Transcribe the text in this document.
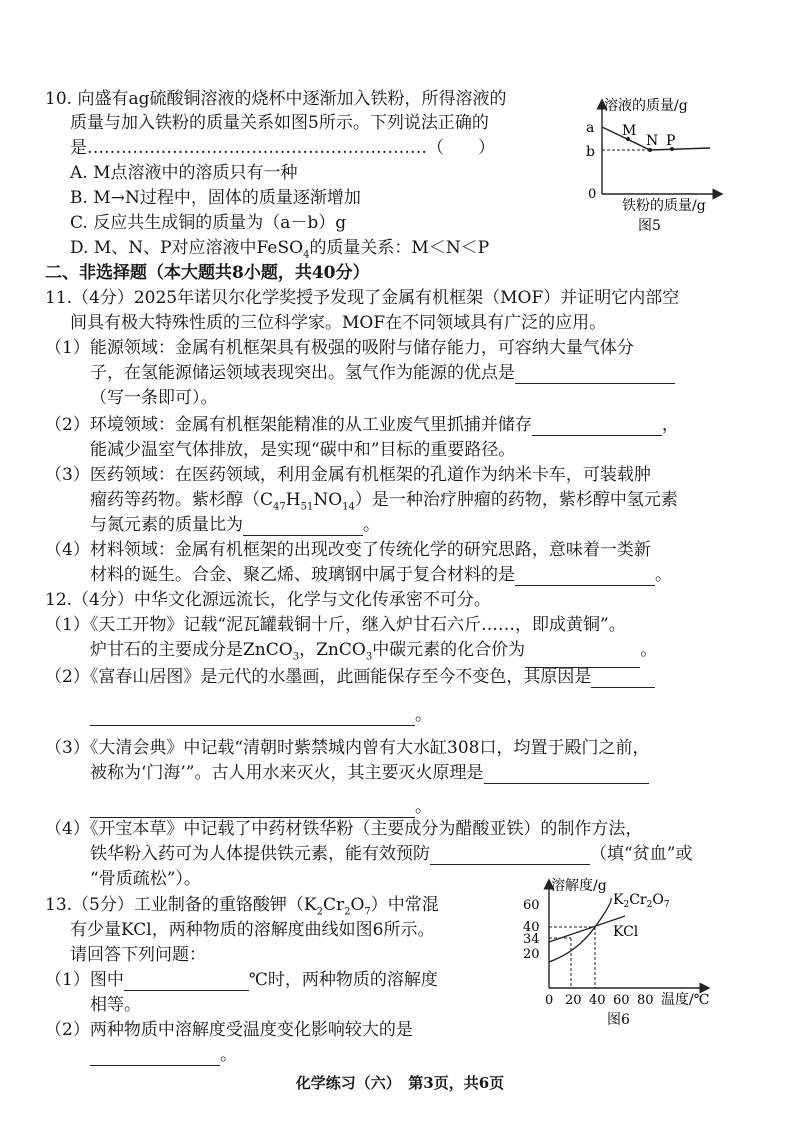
10. 向盛有ag硫酸铜溶液的烧杯中逐渐加入铁粉，所得溶液的
质量与加入铁粉的质量关系如图5所示。下列说法正确的
是……………………………………………………（　　）
A. M点溶液中的溶质只有一种
B. M→N过程中，固体的质量逐渐增加
C. 反应共生成铜的质量为（a－b）g
D. M、N、P对应溶液中FeSO$_4$的质量关系：M＜N＜P
溶液的质量/g
a
b
0
M
N P
铁粉的质量/g
图5
二、非选择题（本大题共8小题，共40分）
11.（4分）2025年诺贝尔化学奖授予发现了金属有机框架（MOF）并证明它内部空
间具有极大特殊性质的三位科学家。MOF在不同领域具有广泛的应用。
（1）能源领域：金属有机框架具有极强的吸附与储存能力，可容纳大量气体分
子，在氢能源储运领域表现突出。氢气作为能源的优点是
（写一条即可）。
（2）环境领域：金属有机框架能精准的从工业废气里抓捕并储存	，
能减少温室气体排放，是实现“碳中和”目标的重要路径。
（3）医药领域：在医药领域，利用金属有机框架的孔道作为纳米卡车，可装载肿
瘤药等药物。紫杉醇$(C_{47}H_{51}NO_{14})$是一种治疗肿瘤的药物，紫杉醇中氢元素
与氮元素的质量比为	。
（4）材料领域：金属有机框架的出现改变了传统化学的研究思路，意味着一类新
材料的诞生。合金、聚乙烯、玻璃钢中属于复合材料的是	。
12.（4分）中华文化源远流长，化学与文化传承密不可分。
（1）《天工开物》记载“泥瓦罐载铜十斤，继入炉甘石六斤……，即成黄铜”。
炉甘石的主要成分是ZnCO$_3$，ZnCO$_3$中碳元素的化合价为	。
（2）《富春山居图》是元代的水墨画，此画能保存至今不变色，其原因是
。
（3）《大清会典》中记载“清朝时紫禁城内曾有大水缸308口，均置于殿门之前，
被称为‘门海’”。古人用水来灭火，其主要灭火原理是
。
（4）《开宝本草》中记载了中药材铁华粉（主要成分为醋酸亚铁）的制作方法，
铁华粉入药可为人体提供铁元素，能有效预防	（填“贫血”或
“骨质疏松”）。
13.（5分）工业制备的重铬酸钾$(K_2Cr_2O_7)$中常混
有少量KCl，两种物质的溶解度曲线如图6所示。
请回答下列问题：
（1）图中	℃时，两种物质的溶解度
相等。
（2）两种物质中溶解度受温度变化影响较大的是
。
溶解度/g
60
40
34
20
$K_2Cr_2O_7$
KCl
0 20 40 60 80 温度/℃
图6
化学练习（六）　第3页，共6页
